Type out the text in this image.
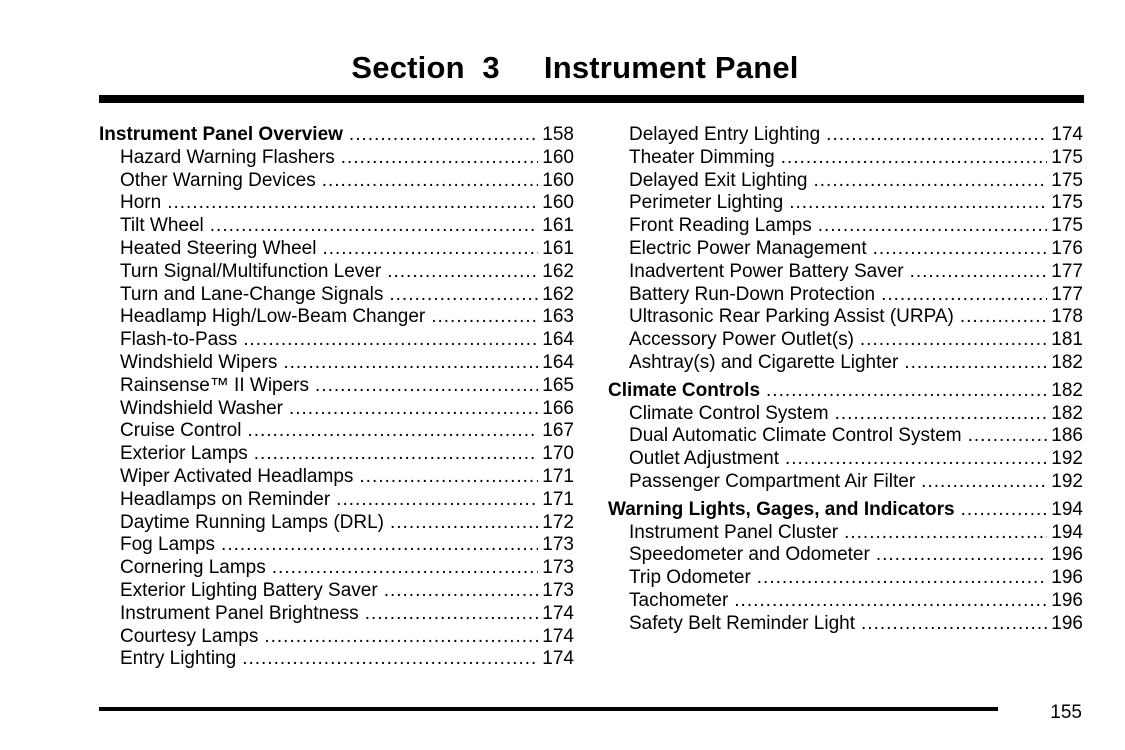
Section  3     Instrument Panel
Instrument Panel Overview .....	158
Hazard Warning Flashers .....	160
Other Warning Devices .....	160
Horn .....	160
Tilt Wheel .....	161
Heated Steering Wheel .....	161
Turn Signal/Multifunction Lever .....	162
Turn and Lane-Change Signals .....	162
Headlamp High/Low-Beam Changer .....	163
Flash-to-Pass .....	164
Windshield Wipers .....	164
Rainsense™ II Wipers .....	165
Windshield Washer .....	166
Cruise Control .....	167
Exterior Lamps .....	170
Wiper Activated Headlamps .....	171
Headlamps on Reminder .....	171
Daytime Running Lamps (DRL) .....	172
Fog Lamps .....	173
Cornering Lamps .....	173
Exterior Lighting Battery Saver .....	173
Instrument Panel Brightness .....	174
Courtesy Lamps .....	174
Entry Lighting .....	174
Delayed Entry Lighting .....	174
Theater Dimming .....	175
Delayed Exit Lighting .....	175
Perimeter Lighting .....	175
Front Reading Lamps .....	175
Electric Power Management .....	176
Inadvertent Power Battery Saver .....	177
Battery Run-Down Protection .....	177
Ultrasonic Rear Parking Assist (URPA) .....	178
Accessory Power Outlet(s) .....	181
Ashtray(s) and Cigarette Lighter .....	182
Climate Controls .....	182
Climate Control System .....	182
Dual Automatic Climate Control System .....	186
Outlet Adjustment .....	192
Passenger Compartment Air Filter .....	192
Warning Lights, Gages, and Indicators .....	194
Instrument Panel Cluster .....	194
Speedometer and Odometer .....	196
Trip Odometer .....	196
Tachometer .....	196
Safety Belt Reminder Light .....	196
155
